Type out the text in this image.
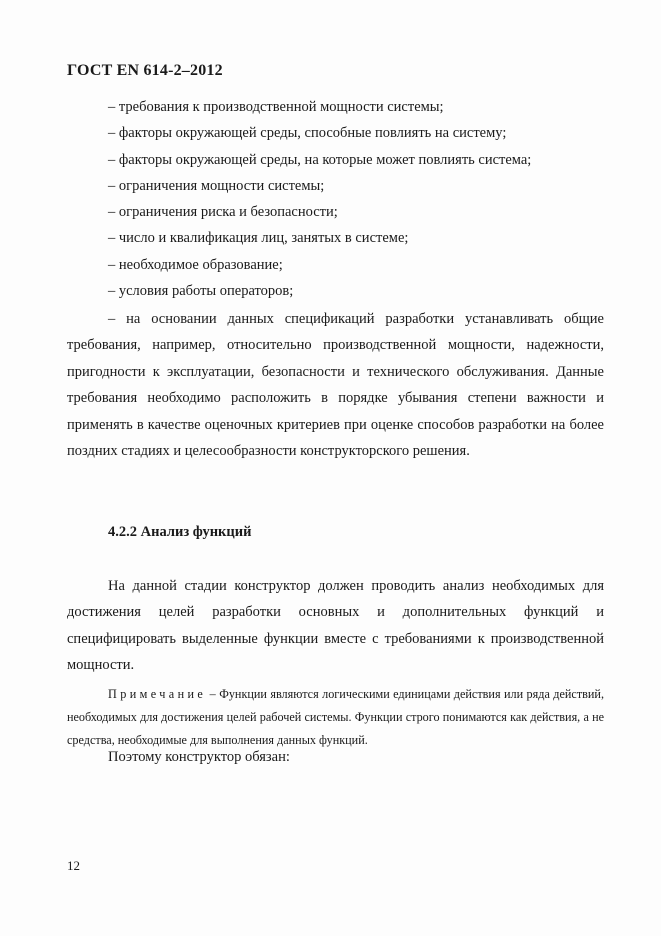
ГОСТ EN 614-2–2012
– требования к производственной мощности системы;
– факторы окружающей среды, способные повлиять на систему;
– факторы окружающей среды, на которые может повлиять система;
– ограничения мощности системы;
– ограничения риска и безопасности;
– число и квалификация лиц, занятых в системе;
– необходимое образование;
– условия работы операторов;

– на основании данных спецификаций разработки устанавливать общие требования, например, относительно производственной мощности, надежности, пригодности к эксплуатации, безопасности и технического обслуживания. Данные требования необходимо расположить в порядке убывания степени важности и применять в качестве оценочных критериев при оценке способов разработки на более поздних стадиях и целесообразности конструкторского решения.

4.2.2 Анализ функций

На данной стадии конструктор должен проводить анализ необходимых для достижения целей разработки основных и дополнительных функций и специфицировать выделенные функции вместе с требованиями к производственной мощности.

Примечание – Функции являются логическими единицами действия или ряда действий, необходимых для достижения целей рабочей системы. Функции строго понимаются как действия, а не средства, необходимые для выполнения данных функций.

Поэтому конструктор обязан:
12
